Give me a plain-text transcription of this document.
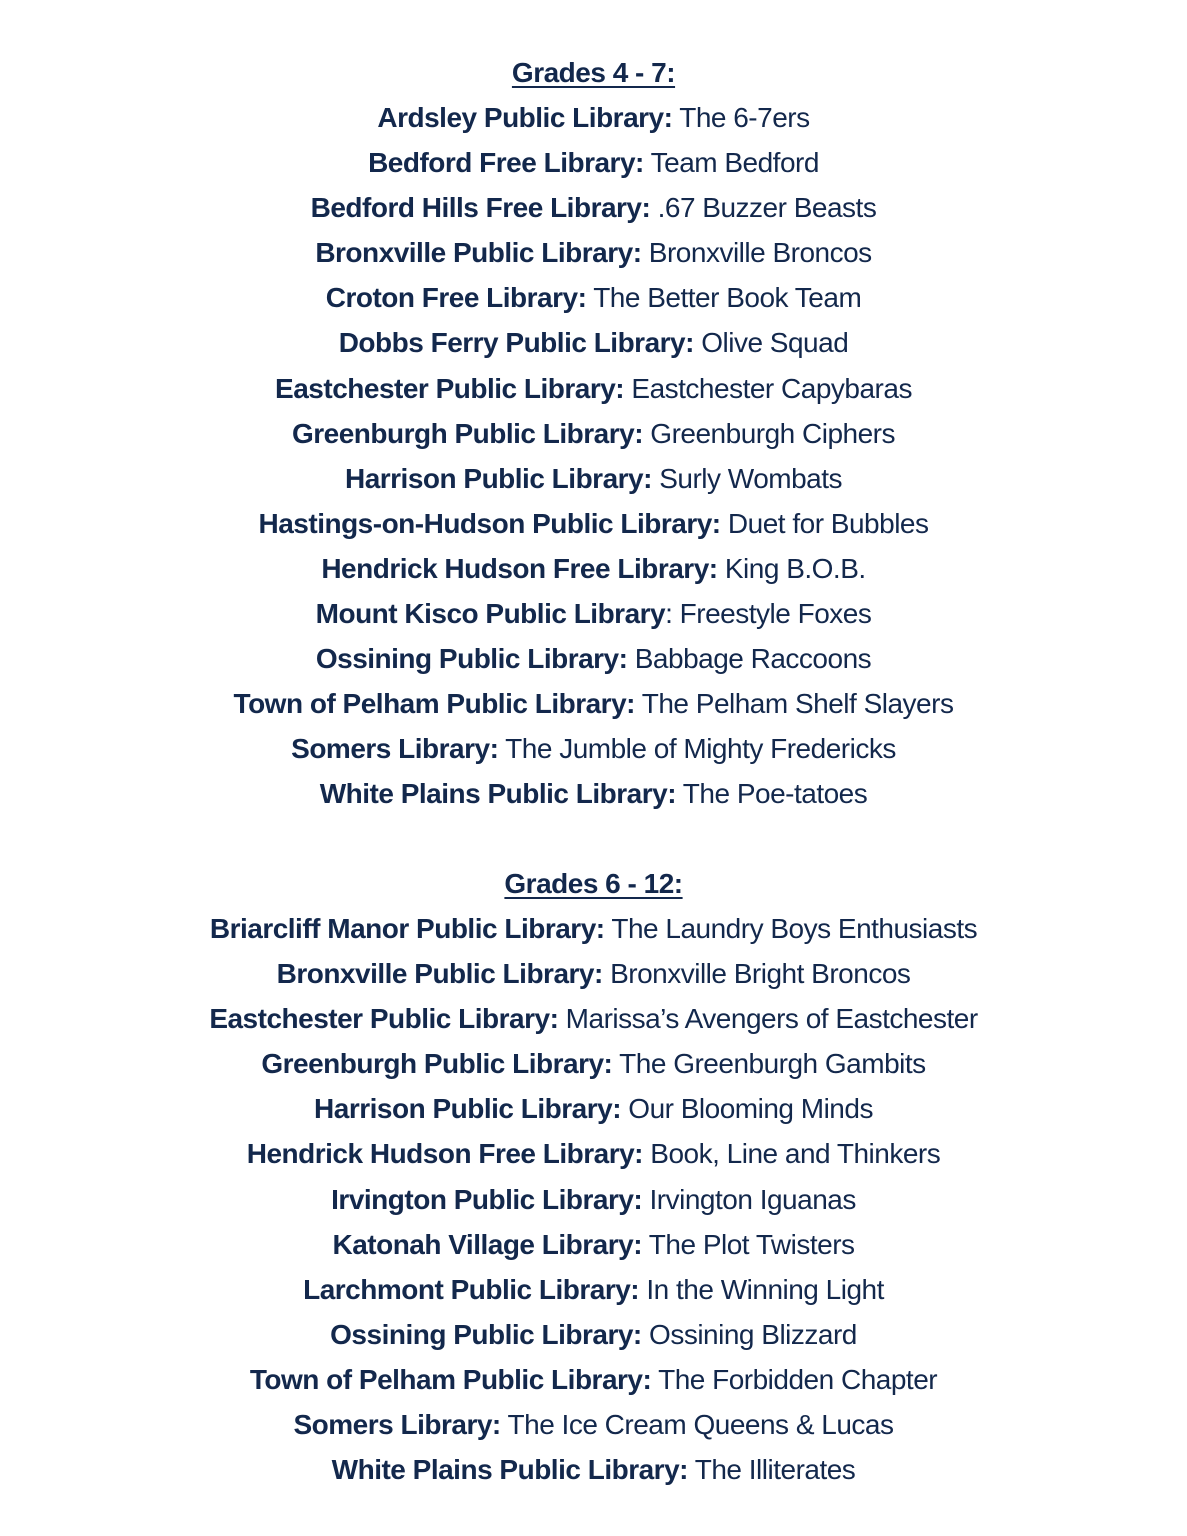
Grades 4 - 7:
Ardsley Public Library: The 6-7ers
Bedford Free Library: Team Bedford
Bedford Hills Free Library: .67 Buzzer Beasts
Bronxville Public Library: Bronxville Broncos
Croton Free Library: The Better Book Team
Dobbs Ferry Public Library: Olive Squad
Eastchester Public Library: Eastchester Capybaras
Greenburgh Public Library: Greenburgh Ciphers
Harrison Public Library: Surly Wombats
Hastings-on-Hudson Public Library: Duet for Bubbles
Hendrick Hudson Free Library: King B.O.B.
Mount Kisco Public Library: Freestyle Foxes
Ossining Public Library: Babbage Raccoons
Town of Pelham Public Library: The Pelham Shelf Slayers
Somers Library: The Jumble of Mighty Fredericks
White Plains Public Library: The Poe-tatoes
Grades 6 - 12:
Briarcliff Manor Public Library: The Laundry Boys Enthusiasts
Bronxville Public Library: Bronxville Bright Broncos
Eastchester Public Library: Marissa’s Avengers of Eastchester
Greenburgh Public Library: The Greenburgh Gambits
Harrison Public Library: Our Blooming Minds
Hendrick Hudson Free Library: Book, Line and Thinkers
Irvington Public Library: Irvington Iguanas
Katonah Village Library: The Plot Twisters
Larchmont Public Library: In the Winning Light
Ossining Public Library: Ossining Blizzard
Town of Pelham Public Library: The Forbidden Chapter
Somers Library: The Ice Cream Queens & Lucas
White Plains Public Library: The Illiterates
